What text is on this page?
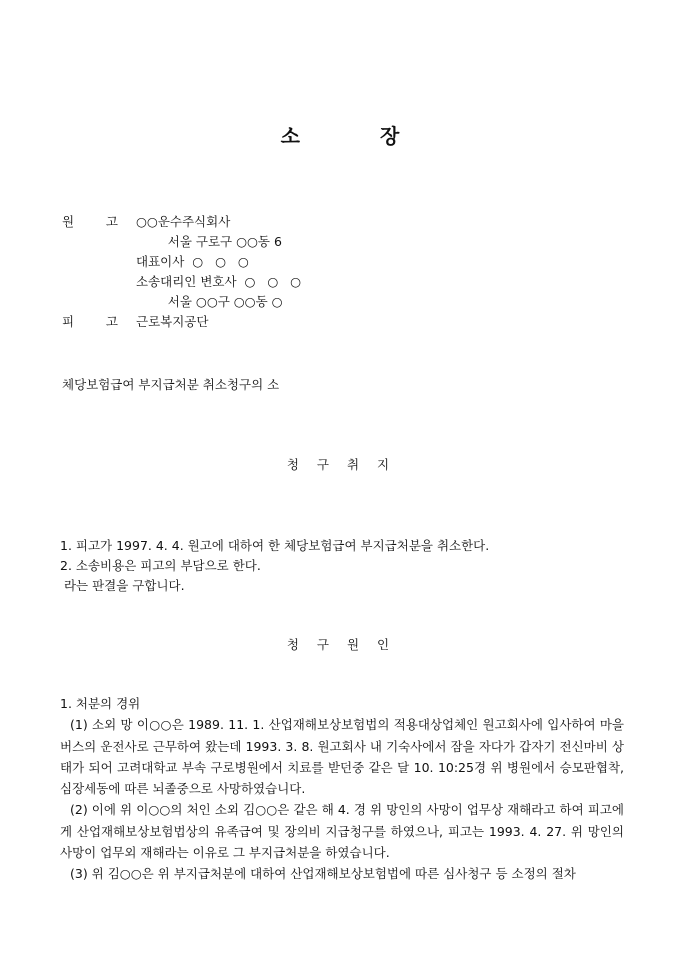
소	장
원        고 ○○운수주식회사
서울 구로구 ○○동 6
대표이사  ○   ○   ○
소송대리인 변호사  ○   ○   ○
서울 ○○구 ○○동 ○
피        고 근로복지공단
체당보험급여 부지급처분 취소청구의 소
청 구 취 지
1. 피고가 1997. 4. 4. 원고에 대하여 한 체당보험급여 부지급처분을 취소한다.
2. 소송비용은 피고의 부담으로 한다.
라는 판결을 구합니다.
청 구 원 인

1. 처분의 경위

(1) 소외 망 이○○은 1989. 11. 1. 산업재해보상보험법의 적용대상업체인 원고회사에 입사하여 마을버스의 운전사로 근무하여 왔는데 1993. 3. 8. 원고회사 내 기숙사에서 잠을 자다가 갑자기 전신마비 상태가 되어 고려대학교 부속 구로병원에서 치료를 받던중 같은 달 10. 10:25경 위 병원에서 승모판협착, 심장세동에 따른 뇌졸중으로 사망하였습니다.

(2) 이에 위 이○○의 처인 소외 김○○은 같은 해 4. 경 위 망인의 사망이 업무상 재해라고 하여 피고에게 산업재해보상보험법상의 유족급여 및 장의비 지급청구를 하였으나, 피고는 1993. 4. 27. 위 망인의 사망이 업무외 재해라는 이유로 그 부지급처분을 하였습니다.

(3) 위 김○○은 위 부지급처분에 대하여 산업재해보상보험법에 따른 심사청구 등 소정의 절차
